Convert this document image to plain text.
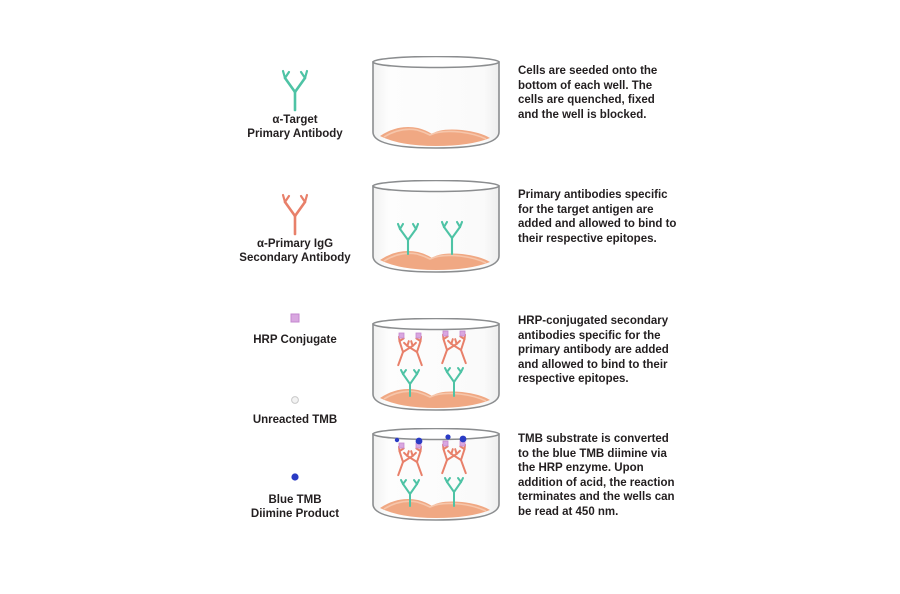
α-Target
Primary Antibody
Cells are seeded onto the bottom of each well. The cells are quenched, fixed and the well is blocked.
α-Primary IgG
Secondary Antibody
Primary antibodies specific for the target antigen are added and allowed to bind to their respective epitopes.
HRP Conjugate
Unreacted TMB
HRP-conjugated secondary antibodies specific for the primary antibody are added and allowed to bind to their respective epitopes.
Blue TMB
Diimine Product
TMB substrate is converted to the blue TMB diimine via the HRP enzyme. Upon addition of acid, the reaction terminates and the wells can be read at 450 nm.
